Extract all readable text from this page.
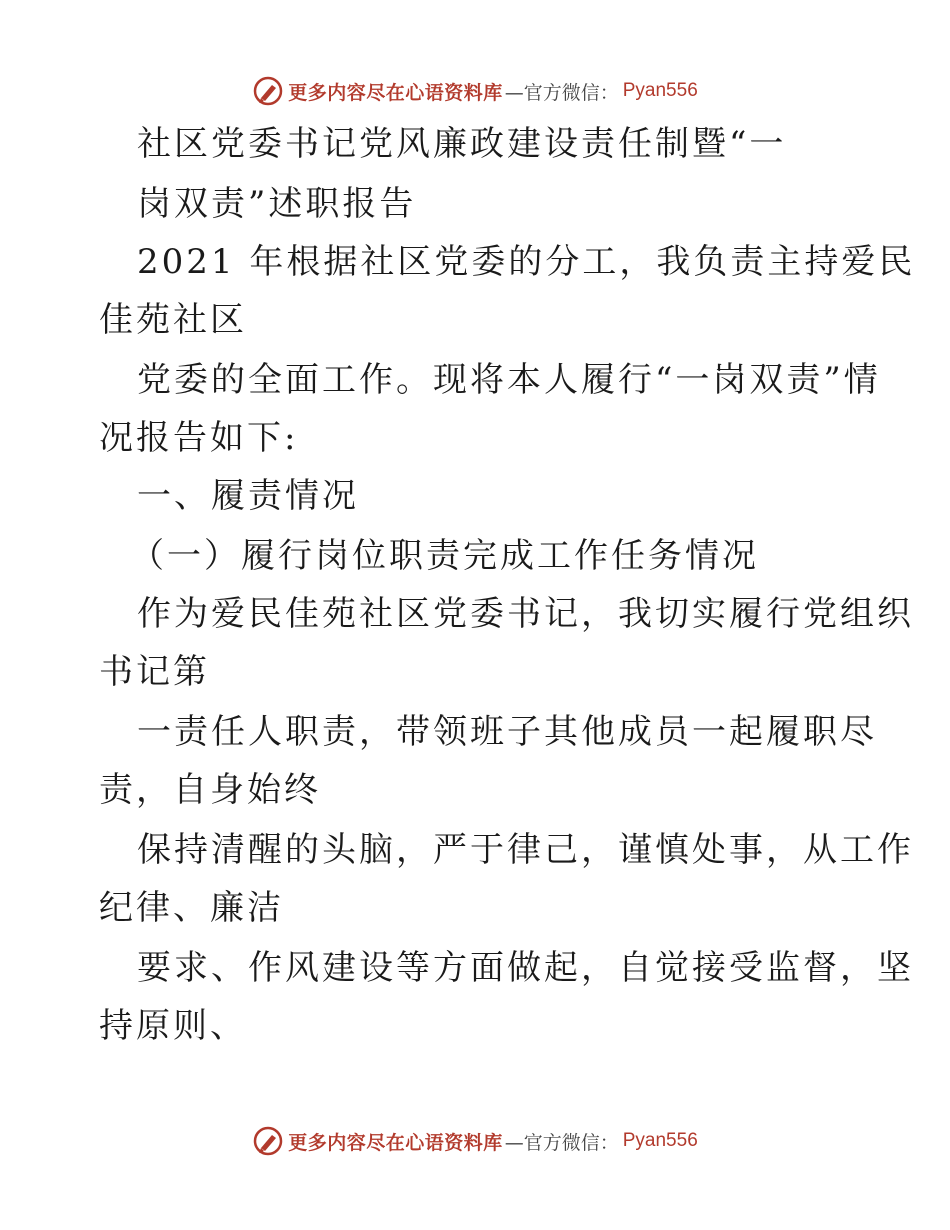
更多内容尽在心语资料库 —官方微信： Pyan556
社区党委书记党风廉政建设责任制暨“一
岗双责”述职报告
2021 年根据社区党委的分工，我负责主持爱民
佳苑社区
党委的全面工作。现将本人履行“一岗双责”情
况报告如下:
一、履责情况
（一）履行岗位职责完成工作任务情况
作为爱民佳苑社区党委书记，我切实履行党组织
书记第
一责任人职责，带领班子其他成员一起履职尽
责，自身始终
保持清醒的头脑，严于律己，谨慎处事，从工作
纪律、廉洁
要求、作风建设等方面做起，自觉接受监督，坚
持原则、
更多内容尽在心语资料库 —官方微信： Pyan556
